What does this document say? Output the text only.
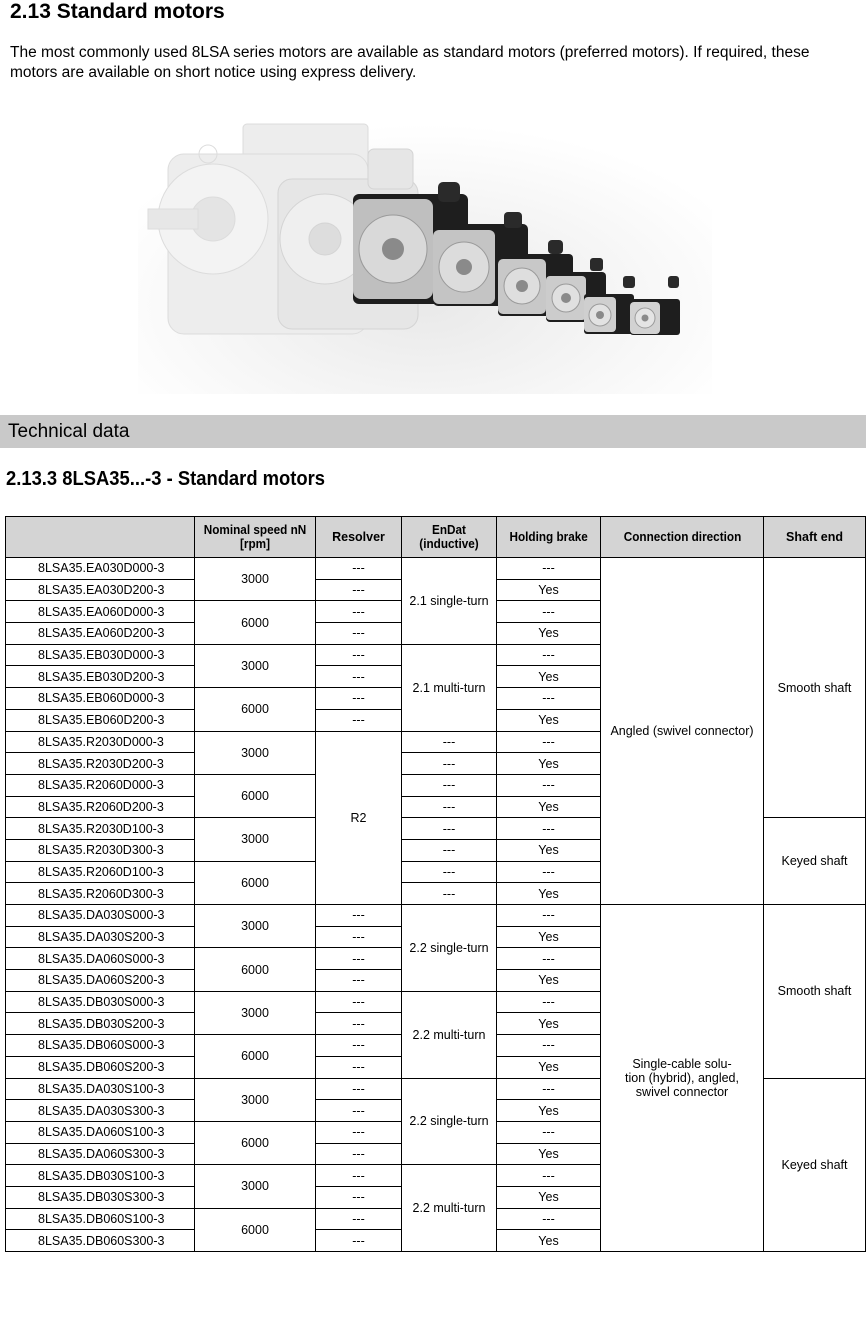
2.13 Standard motors

The most commonly used 8LSA series motors are available as standard motors (preferred motors). If required, these motors are available on short notice using express delivery.

Technical data
2.13.3 8LSA35...-3 - Standard motors
	Nominal speed nN [rpm]	Resolver	EnDat (inductive)	Holding brake	Connection direction	Shaft end
8LSA35.EA030D000-3	3000	---	2.1 single-turn	---	Angled (swivel connector)	Smooth shaft
8LSA35.EA030D200-3		---		Yes		
8LSA35.EA060D000-3	6000	---		---		
8LSA35.EA060D200-3		---		Yes		
8LSA35.EB030D000-3	3000	---	2.1 multi-turn	---		
8LSA35.EB030D200-3		---		Yes		
8LSA35.EB060D000-3	6000	---		---		
8LSA35.EB060D200-3		---		Yes		
8LSA35.R2030D000-3	3000	R2	---	---		
8LSA35.R2030D200-3			---	Yes		
8LSA35.R2060D000-3	6000		---	---		
8LSA35.R2060D200-3			---	Yes		
8LSA35.R2030D100-3	3000		---	---		Keyed shaft
8LSA35.R2030D300-3			---	Yes		
8LSA35.R2060D100-3	6000		---	---		
8LSA35.R2060D300-3			---	Yes		
8LSA35.DA030S000-3	3000	---	2.2 single-turn	---	Single-cable solu-
tion (hybrid), angled,
swivel connector	Smooth shaft
8LSA35.DA030S200-3		---		Yes		
8LSA35.DA060S000-3	6000	---		---		
8LSA35.DA060S200-3		---		Yes		
8LSA35.DB030S000-3	3000	---	2.2 multi-turn	---		
8LSA35.DB030S200-3		---		Yes		
8LSA35.DB060S000-3	6000	---		---		
8LSA35.DB060S200-3		---		Yes		
8LSA35.DA030S100-3	3000	---	2.2 single-turn	---		Keyed shaft
8LSA35.DA030S300-3		---		Yes		
8LSA35.DA060S100-3	6000	---		---		
8LSA35.DA060S300-3		---		Yes		
8LSA35.DB030S100-3	3000	---	2.2 multi-turn	---		
8LSA35.DB030S300-3		---		Yes		
8LSA35.DB060S100-3	6000	---		---		
8LSA35.DB060S300-3		---		Yes		
